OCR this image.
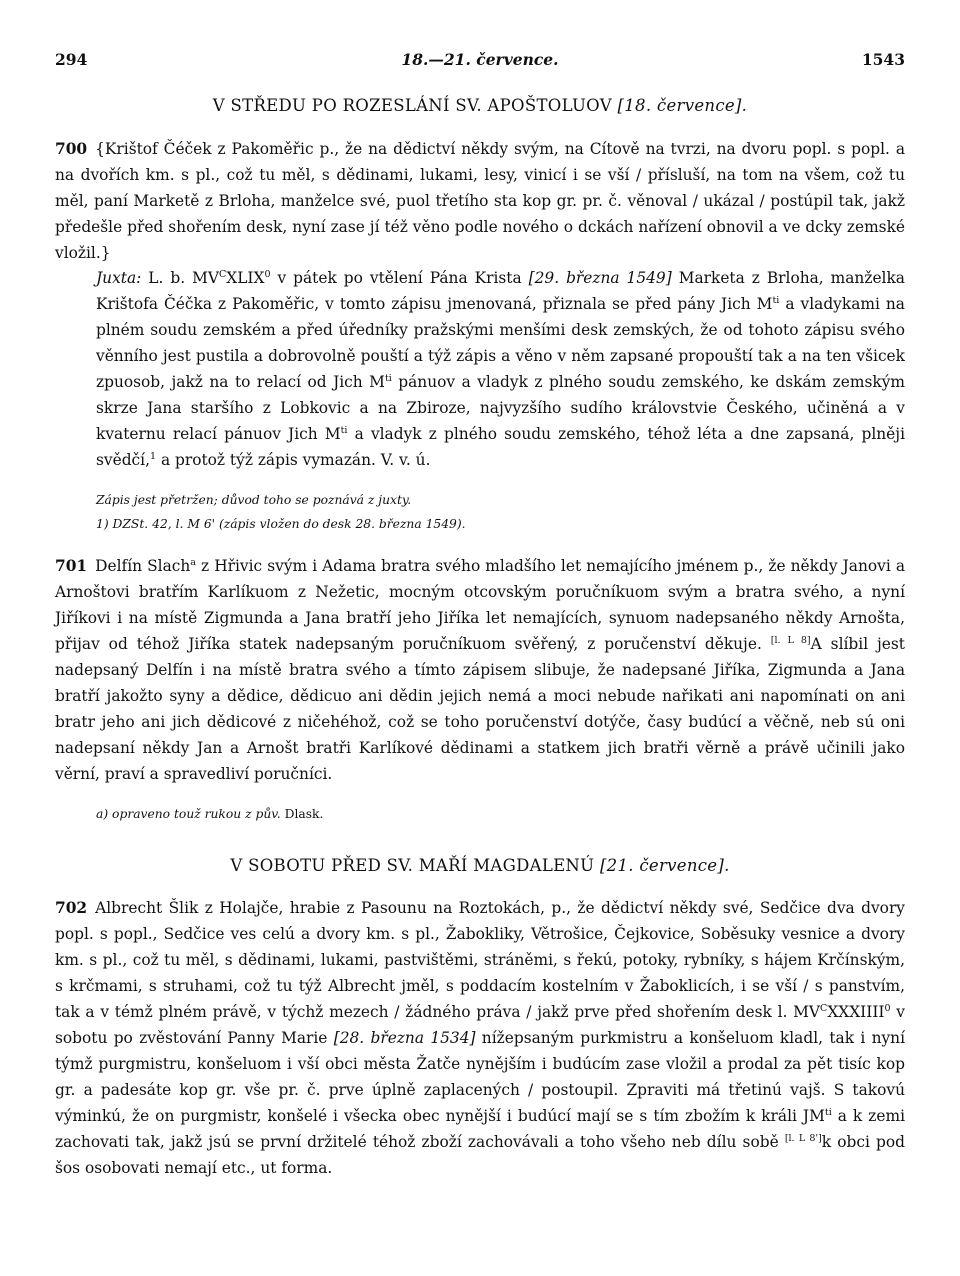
294	18.—21. července.	1543
V STŘEDU PO ROZESLÁNÍ SV. APOŠTOLUOV [18. července].
700 {Krištof Čéček z Pakoměřic p., že na dědictví někdy svým, na Cítově na tvrzi, na dvoru popl. s popl. a na dvořích km. s pl., což tu měl, s dědinami, lukami, lesy, vinicí i se vší / přísluší, na tom na všem, což tu měl, paní Marketě z Brloha, manželce své, puol třetího sta kop gr. pr. č. věnoval / ukázal / postúpil tak, jakž předešle před shořením desk, nyní zase jí též věno podle nového o dckách nařízení obnovil a ve dcky zemské vložil.}
Juxta: L. b. $MV^CXLIX^0$ v pátek po vtělení Pána Krista [29. března 1549] Marketa z Brloha, manželka Krištofa Čéčka z Pakoměřic, v tomto zápisu jmenovaná, přiznala se před pány Jich $M^{ti}$ a vladykami na plném soudu zemském a před úředníky pražskými menšími desk zemských, že od tohoto zápisu svého věnního jest pustila a dobrovolně pouští a týž zápis a věno v něm zapsané propouští tak a na ten všicek zpuosob, jakž na to relací od Jich $M^{ti}$ pánuov a vladyk z plného soudu zemského, ke dskám zemským skrze Jana staršího z Lobkovic a na Zbiroze, najvyzšího sudího královstvie Českého, učiněná a v kvaternu relací pánuov Jich $M^{ti}$ a vladyk z plného soudu zemského, téhož léta a dne zapsaná, plněji svědčí,$^1$ a protož týž zápis vymazán. V. v. ú.
Zápis jest přetržen; důvod toho se poznává z juxty.
1) DZSt. 42, l. M 6' (zápis vložen do desk 28. března 1549).
701 Delfín Slach$^a$ z Hřivic svým i Adama bratra svého mladšího let nemajícího jménem p., že někdy Janovi a Arnoštovi bratřím Karlíkuom z Nežetic, mocným otcovským poručníkuom svým a bratra svého, a nyní Jiříkovi i na místě Zigmunda a Jana bratří jeho Jiříka let nemajících, synuom nadepsaného někdy Arnošta, přijav od téhož Jiříka statek nadepsaným poručníkuom svěřený, z poručenství děkuje. [l. L 8]A slíbil jest nadepsaný Delfín i na místě bratra svého a tímto zápisem slibuje, že nadepsané Jiříka, Zigmunda a Jana bratří jakožto syny a dědice, dědicuo ani dědin jejich nemá a moci nebude nařikati ani napomínati on ani bratr jeho ani jich dědicové z ničehéhož, což se toho poručenství dotýče, časy budúcí a věčně, neb sú oni nadepsaní někdy Jan a Arnošt bratři Karlíkové dědinami a statkem jich bratři věrně a právě učinili jako věrní, praví a spravedliví poručníci.
a) opraveno touž rukou z pův. Dlask.
V SOBOTU PŘED SV. MAŘÍ MAGDALENÚ [21. července].
702 Albrecht Šlik z Holajče, hrabie z Pasounu na Roztokách, p., že dědictví někdy své, Sedčice dva dvory popl. s popl., Sedčice ves celú a dvory km. s pl., Žabokliky, Větrošice, Čejkovice, Soběsuky vesnice a dvory km. s pl., což tu měl, s dědinami, lukami, pastvištěmi, stráněmi, s řekú, potoky, rybníky, s hájem Krčínským, s krčmami, s struhami, což tu týž Albrecht jměl, s poddacím kostelním v Žaboklicích, i se vší / s panstvím, tak a v témž plném právě, v týchž mezech / žádného práva / jakž prve před shořením desk l. $MV^CXXXIIII^0$ v sobotu po zvěstování Panny Marie [28. března 1534] nížepsaným purkmistru a konšeluom kladl, tak i nyní týmž purgmistru, konšeluom i vší obci města Žatče nynějším i budúcím zase vložil a prodal za pět tisíc kop gr. a padesáte kop gr. vše pr. č. prve úplně zaplacených / postoupil. Zpraviti má třetinú vajš. S takovú výminkú, že on purgmistr, konšelé i všecka obec nynější i budúcí mají se s tím zbožím k králi $JM^{ti}$ a k zemi zachovati tak, jakž jsú se první držitelé téhož zboží zachovávali a toho všeho neb dílu sobě [l. L 8']k obci pod šos osobovati nemají etc., ut forma.
